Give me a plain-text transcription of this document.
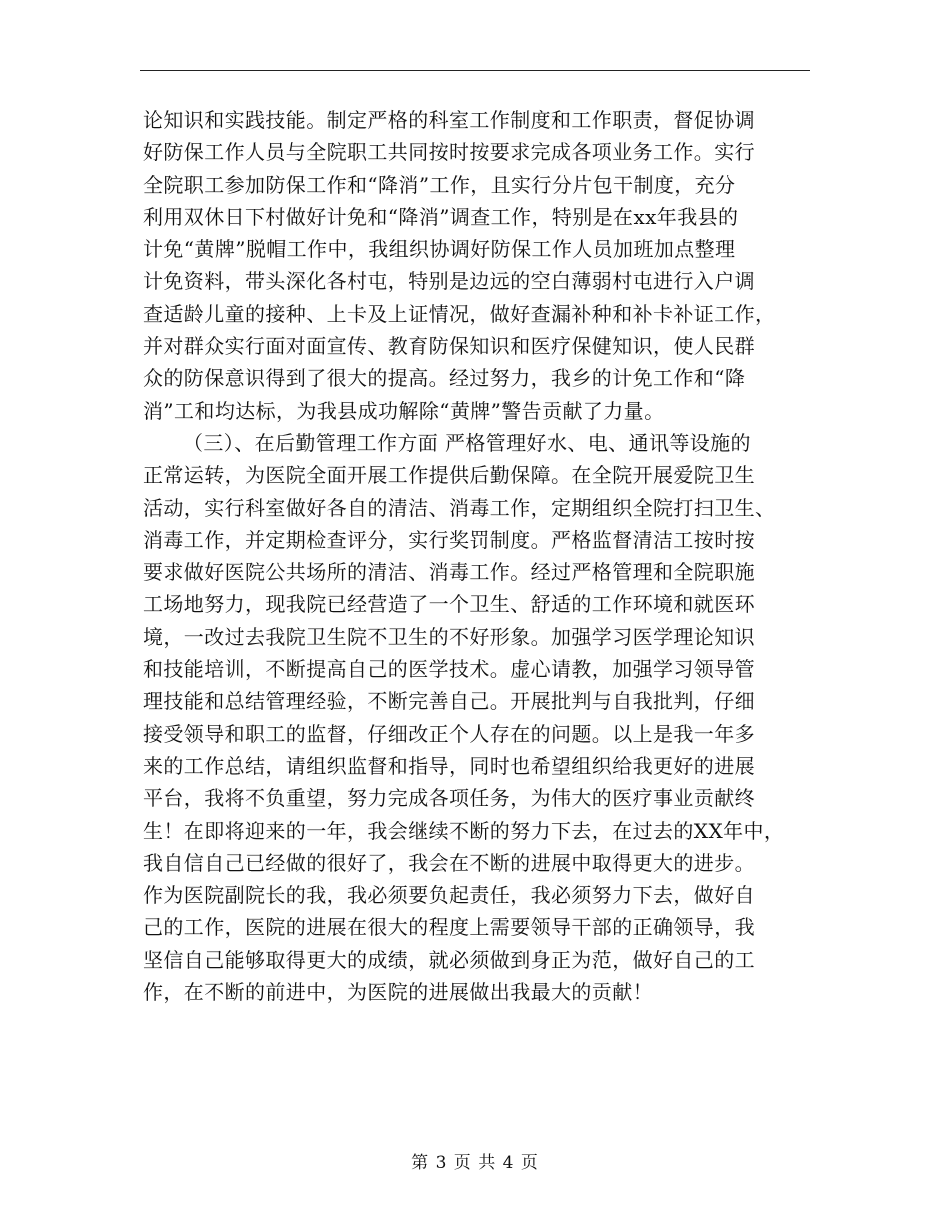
论知识和实践技能。制定严格的科室工作制度和工作职责，督促协调
好防保工作人员与全院职工共同按时按要求完成各项业务工作。实行
全院职工参加防保工作和“降消”工作，且实行分片包干制度，充分
利用双休日下村做好计免和“降消”调查工作，特别是在xx年我县的
计免“黄牌”脱帽工作中，我组织协调好防保工作人员加班加点整理
计免资料，带头深化各村屯，特别是边远的空白薄弱村屯进行入户调
查适龄儿童的接种、上卡及上证情况，做好查漏补种和补卡补证工作，
并对群众实行面对面宣传、教育防保知识和医疗保健知识，使人民群
众的防保意识得到了很大的提高。经过努力，我乡的计免工作和“降
消”工和均达标，为我县成功解除“黄牌”警告贡献了力量。
（三）、在后勤管理工作方面 严格管理好水、电、通讯等设施的
正常运转，为医院全面开展工作提供后勤保障。在全院开展爱院卫生
活动，实行科室做好各自的清洁、消毒工作，定期组织全院打扫卫生、
消毒工作，并定期检查评分，实行奖罚制度。严格监督清洁工按时按
要求做好医院公共场所的清洁、消毒工作。经过严格管理和全院职施
工场地努力，现我院已经营造了一个卫生、舒适的工作环境和就医环
境，一改过去我院卫生院不卫生的不好形象。加强学习医学理论知识
和技能培训，不断提高自己的医学技术。虚心请教，加强学习领导管
理技能和总结管理经验，不断完善自己。开展批判与自我批判，仔细
接受领导和职工的监督，仔细改正个人存在的问题。以上是我一年多
来的工作总结，请组织监督和指导，同时也希望组织给我更好的进展
平台，我将不负重望，努力完成各项任务，为伟大的医疗事业贡献终
生！在即将迎来的一年，我会继续不断的努力下去，在过去的XX年中，
我自信自己已经做的很好了，我会在不断的进展中取得更大的进步。
作为医院副院长的我，我必须要负起责任，我必须努力下去，做好自
己的工作，医院的进展在很大的程度上需要领导干部的正确领导，我
坚信自己能够取得更大的成绩，就必须做到身正为范，做好自己的工
作，在不断的前进中，为医院的进展做出我最大的贡献！
第 3 页 共 4 页
